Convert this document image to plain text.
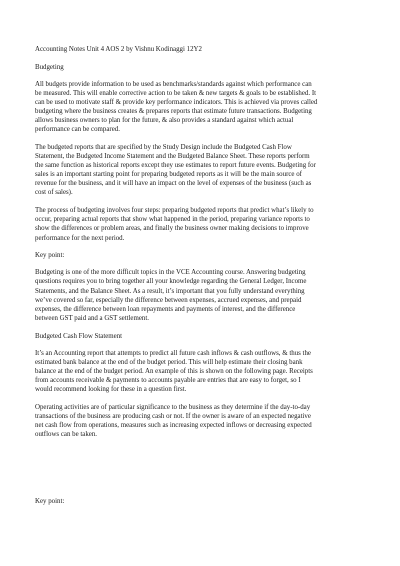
Accounting Notes Unit 4 AOS 2 by Vishnu Kodinaggi 12Y2
Budgeting
All budgets provide information to be used as benchmarks/standards against which performance can
be measured. This will enable corrective action to be taken & new targets & goals to be established. It
can be used to motivate staff & provide key performance indicators. This is achieved via proves called
budgeting where the business creates & prepares reports that estimate future transactions. Budgeting
allows business owners to plan for the future, & also provides a standard against which actual
performance can be compared.
The budgeted reports that are specified by the Study Design include the Budgeted Cash Flow
Statement, the Budgeted Income Statement and the Budgeted Balance Sheet. These reports perform
the same function as historical reports except they use estimates to report future events. Budgeting for
sales is an important starting point for preparing budgeted reports as it will be the main source of
revenue for the business, and it will have an impact on the level of expenses of the business (such as
cost of sales).
The process of budgeting involves four steps: preparing budgeted reports that predict what’s likely to
occur, preparing actual reports that show what happened in the period, preparing variance reports to
show the differences or problem areas, and finally the business owner making decisions to improve
performance for the next period.
Key point:
Budgeting is one of the more difficult topics in the VCE Accounting course. Answering budgeting
questions requires you to bring together all your knowledge regarding the General Ledger, Income
Statements, and the Balance Sheet. As a result, it’s important that you fully understand everything
we’ve covered so far, especially the difference between expenses, accrued expenses, and prepaid
expenses, the difference between loan repayments and payments of interest, and the difference
between GST paid and a GST settlement.
Budgeted Cash Flow Statement
It’s an Accounting report that attempts to predict all future cash inflows & cash outflows, & thus the
estimated bank balance at the end of the budget period. This will help estimate their closing bank
balance at the end of the budget period. An example of this is shown on the following page. Receipts
from accounts receivable & payments to accounts payable are entries that are easy to forget, so I
would recommend looking for these in a question first.
Operating activities are of particular significance to the business as they determine if the day-to-day
transactions of the business are producing cash or not. If the owner is aware of an expected negative
net cash flow from operations, measures such as increasing expected inflows or decreasing expected
outflows can be taken.
Key point:
